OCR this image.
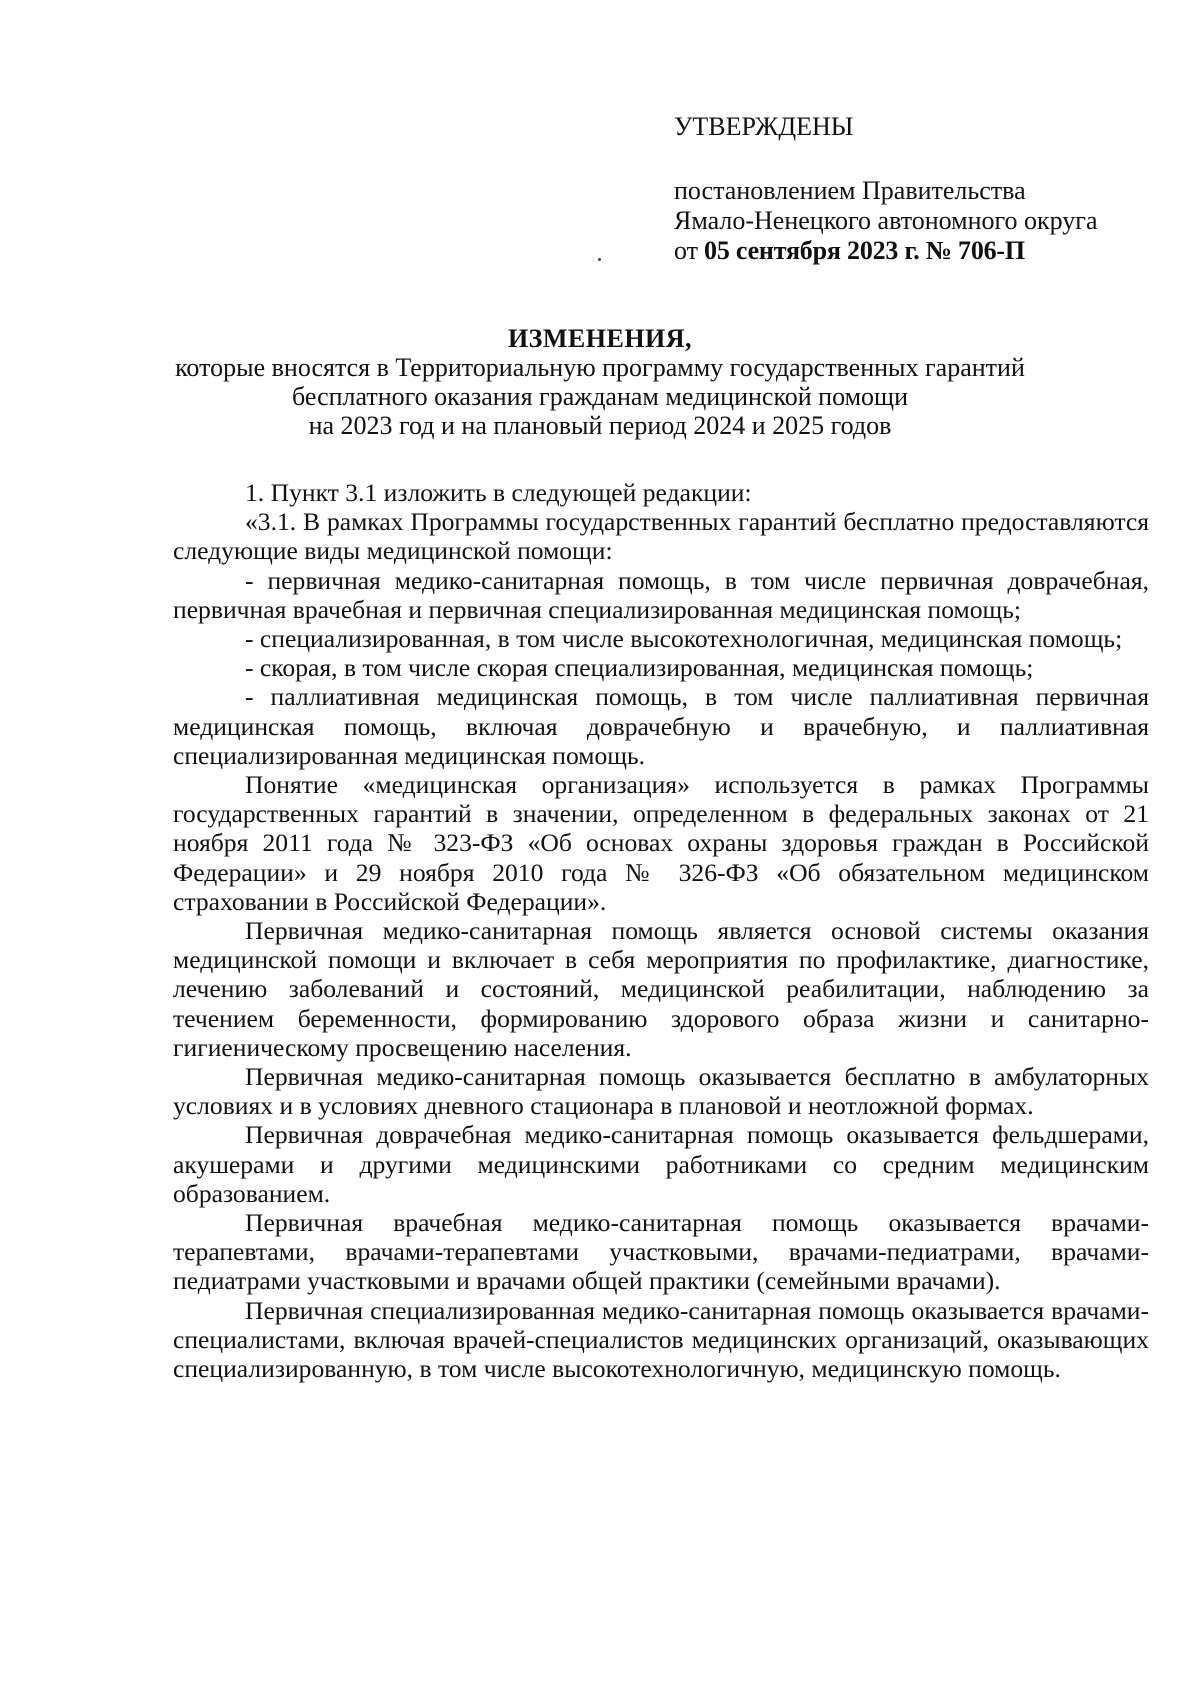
УТВЕРЖДЕНЫ
постановлением Правительства
Ямало-Ненецкого автономного округа
от 05 сентября 2023 г. № 706-П
ИЗМЕНЕНИЯ,
которые вносятся в Территориальную программу государственных гарантий
бесплатного оказания гражданам медицинской помощи
на 2023 год и на плановый период 2024 и 2025 годов

1. Пункт 3.1 изложить в следующей редакции:

«3.1. В рамках Программы государственных гарантий бесплатно предоставляются следующие виды медицинской помощи:

- первичная медико-санитарная помощь, в том числе первичная доврачебная, первичная врачебная и первичная специализированная медицинская помощь;

- специализированная, в том числе высокотехнологичная, медицинская помощь;

- скорая, в том числе скорая специализированная, медицинская помощь;

- паллиативная медицинская помощь, в том числе паллиативная первичная медицинская помощь, включая доврачебную и врачебную, и паллиативная специализированная медицинская помощь.

Понятие «медицинская организация» используется в рамках Программы государственных гарантий в значении, определенном в федеральных законах от 21 ноября 2011 года № 323-ФЗ «Об основах охраны здоровья граждан в Российской Федерации» и 29 ноября 2010 года № 326-ФЗ «Об обязательном медицинском страховании в Российской Федерации».

Первичная медико-санитарная помощь является основой системы оказания медицинской помощи и включает в себя мероприятия по профилактике, диагностике, лечению заболеваний и состояний, медицинской реабилитации, наблюдению за течением беременности, формированию здорового образа жизни и санитарно-гигиеническому просвещению населения.

Первичная медико-санитарная помощь оказывается бесплатно в амбулаторных условиях и в условиях дневного стационара в плановой и неотложной формах.

Первичная доврачебная медико-санитарная помощь оказывается фельдшерами, акушерами и другими медицинскими работниками со средним медицинским образованием.

Первичная врачебная медико-санитарная помощь оказывается врачами-терапевтами, врачами-терапевтами участковыми, врачами-педиатрами, врачами-педиатрами участковыми и врачами общей практики (семейными врачами).

Первичная специализированная медико-санитарная помощь оказывается врачами-специалистами, включая врачей-специалистов медицинских организаций, оказывающих специализированную, в том числе высокотехнологичную, медицинскую помощь.
